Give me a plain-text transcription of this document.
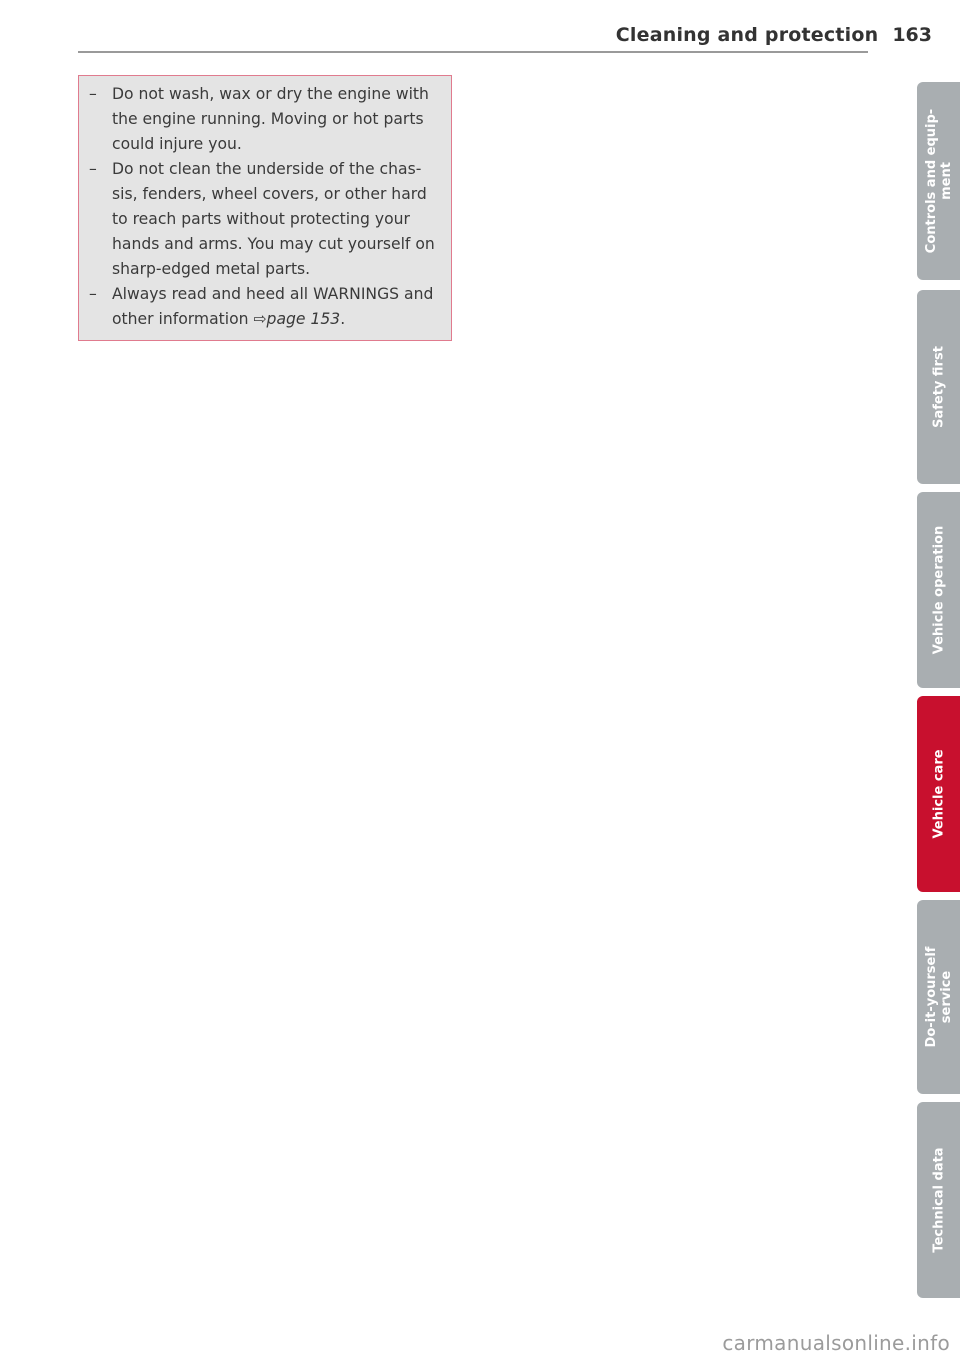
Cleaning and protection 163
– Do not wash, wax or dry the engine with the engine running. Moving or hot parts could injure you.
– Do not clean the underside of the chas- sis, fenders, wheel covers, or other hard to reach parts without protecting your hands and arms. You may cut yourself on sharp-edged metal parts.
– Always read and heed all WARNINGS and other information ⇨page 153.
Controls and equip-
ment
Safety first
Vehicle operation
Vehicle care
Do-it-yourself
service
Technical data
carmanualsonline.info
